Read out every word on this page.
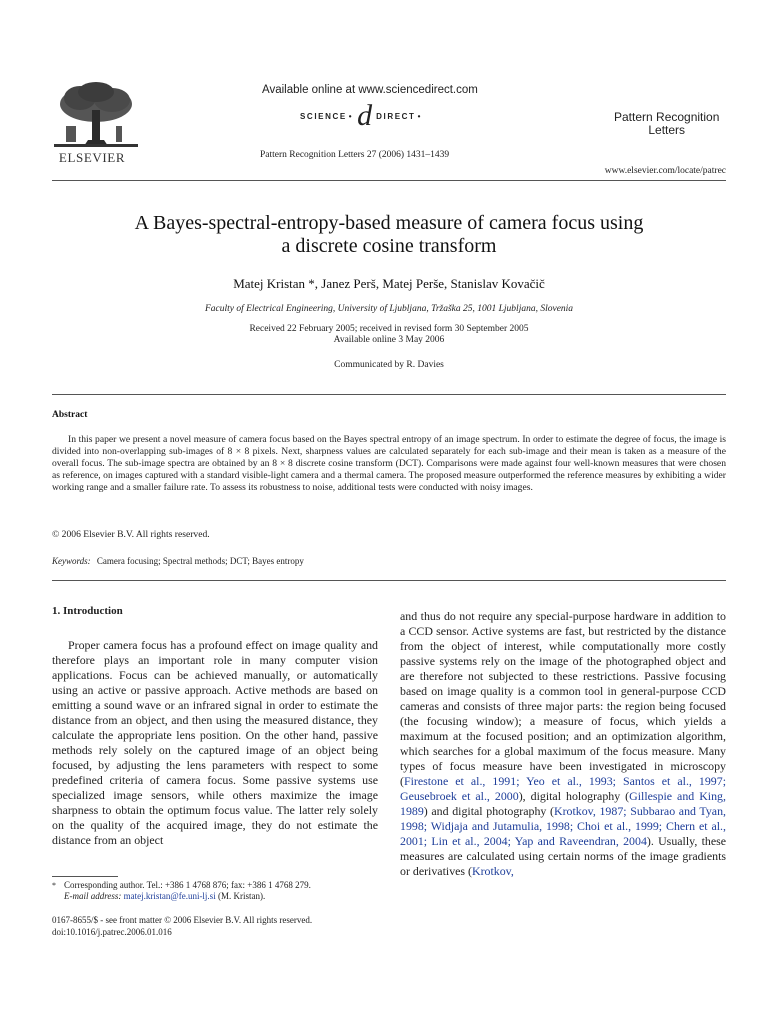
ELSEVIER
Available online at www.sciencedirect.com
SCIENCE • d DIRECT •
Pattern Recognition Letters 27 (2006) 1431–1439
Pattern Recognition
Letters
www.elsevier.com/locate/patrec
A Bayes-spectral-entropy-based measure of camera focus using
a discrete cosine transform
Matej Kristan *, Janez Perš, Matej Perše, Stanislav Kovačič
Faculty of Electrical Engineering, University of Ljubljana, Tržaška 25, 1001 Ljubljana, Slovenia
Received 22 February 2005; received in revised form 30 September 2005
Available online 3 May 2006
Communicated by R. Davies
Abstract

In this paper we present a novel measure of camera focus based on the Bayes spectral entropy of an image spectrum. In order to estimate the degree of focus, the image is divided into non-overlapping sub-images of 8 × 8 pixels. Next, sharpness values are calculated separately for each sub-image and their mean is taken as a measure of the overall focus. The sub-image spectra are obtained by an 8 × 8 discrete cosine transform (DCT). Comparisons were made against four well-known measures that were chosen as reference, on images captured with a standard visible-light camera and a thermal camera. The proposed measure outperformed the reference measures by exhibiting a wider working range and a smaller failure rate. To assess its robustness to noise, additional tests were conducted with noisy images.

© 2006 Elsevier B.V. All rights reserved.
Keywords: Camera focusing; Spectral methods; DCT; Bayes entropy
1. Introduction

Proper camera focus has a profound effect on image quality and therefore plays an important role in many computer vision applications. Focus can be achieved manually, or automatically using an active or passive approach. Active methods are based on emitting a sound wave or an infrared signal in order to estimate the distance from an object, and then using the measured distance, they calculate the appropriate lens position. On the other hand, passive methods rely solely on the captured image of an object being focused, by adjusting the lens parameters with respect to some predefined criteria of camera focus. Some passive systems use specialized image sensors, while others maximize the image sharpness to obtain the optimum focus value. The latter rely solely on the quality of the acquired image, they do not estimate the distance from an object

and thus do not require any special-purpose hardware in addition to a CCD sensor. Active systems are fast, but restricted by the distance from the object of interest, while computationally more costly passive systems rely on the image of the photographed object and are therefore not subjected to these restrictions. Passive focusing based on image quality is a common tool in general-purpose CCD cameras and consists of three major parts: the region being focused (the focusing window); a measure of focus, which yields a maximum at the focused position; and an optimization algorithm, which searches for a global maximum of the focus measure. Many types of focus measure have been investigated in microscopy (Firestone et al., 1991; Yeo et al., 1993; Santos et al., 1997; Geusebroek et al., 2000), digital holography (Gillespie and King, 1989) and digital photography (Krotkov, 1987; Subbarao and Tyan, 1998; Widjaja and Jutamulia, 1998; Choi et al., 1999; Chern et al., 2001; Lin et al., 2004; Yap and Raveendran, 2004). Usually, these measures are calculated using certain norms of the image gradients or derivatives (Krotkov,

* Corresponding author. Tel.: +386 1 4768 876; fax: +386 1 4768 279.
E-mail address: matej.kristan@fe.uni-lj.si (M. Kristan).
0167-8655/$ - see front matter © 2006 Elsevier B.V. All rights reserved.
doi:10.1016/j.patrec.2006.01.016
